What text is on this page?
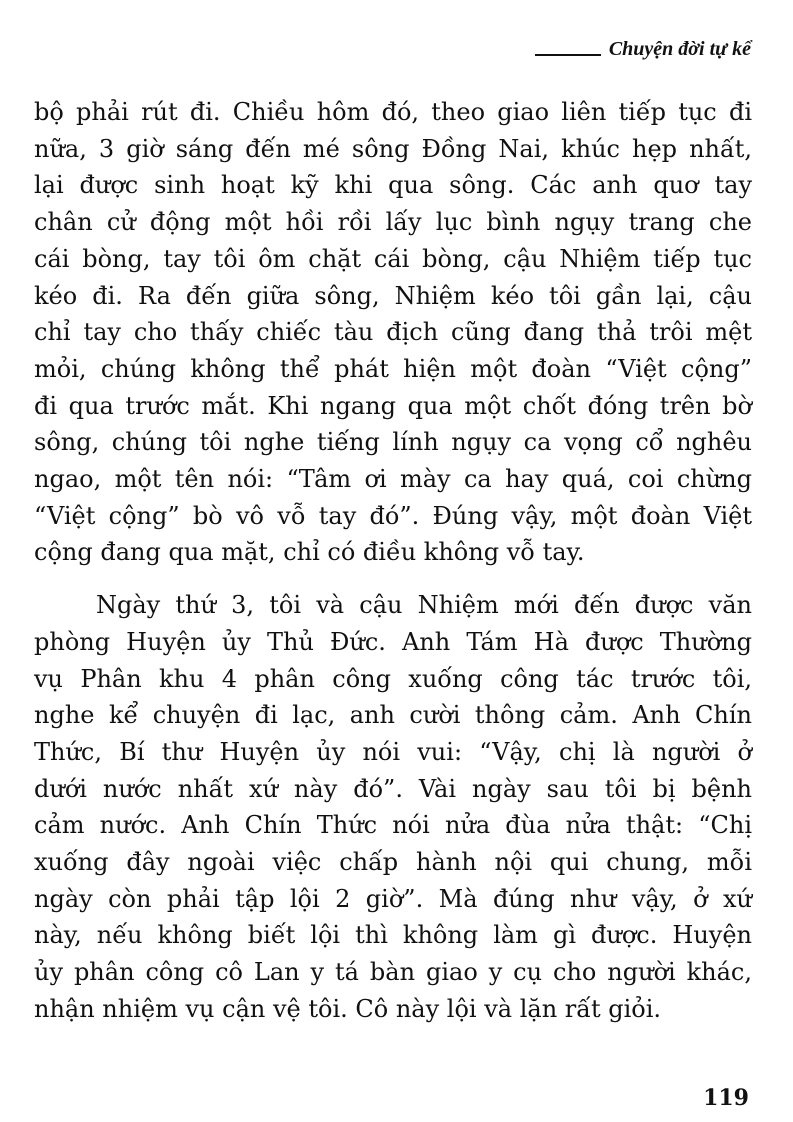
Chuyện đời tự kể

bộ phải rút đi. Chiều hôm đó, theo giao liên tiếp tục đi
nữa, 3 giờ sáng đến mé sông Đồng Nai, khúc hẹp nhất,
lại được sinh hoạt kỹ khi qua sông. Các anh quơ tay
chân cử động một hồi rồi lấy lục bình ngụy trang che
cái bòng, tay tôi ôm chặt cái bòng, cậu Nhiệm tiếp tục
kéo đi. Ra đến giữa sông, Nhiệm kéo tôi gần lại, cậu
chỉ tay cho thấy chiếc tàu địch cũng đang thả trôi mệt
mỏi, chúng không thể phát hiện một đoàn “Việt cộng”
đi qua trước mắt. Khi ngang qua một chốt đóng trên bờ
sông, chúng tôi nghe tiếng lính ngụy ca vọng cổ nghêu
ngao, một tên nói: “Tâm ơi mày ca hay quá, coi chừng
“Việt cộng” bò vô vỗ tay đó”. Đúng vậy, một đoàn Việt
cộng đang qua mặt, chỉ có điều không vỗ tay.

Ngày thứ 3, tôi và cậu Nhiệm mới đến được văn
phòng Huyện ủy Thủ Đức. Anh Tám Hà được Thường
vụ Phân khu 4 phân công xuống công tác trước tôi,
nghe kể chuyện đi lạc, anh cười thông cảm. Anh Chín
Thức, Bí thư Huyện ủy nói vui: “Vậy, chị là người ở
dưới nước nhất xứ này đó”. Vài ngày sau tôi bị bệnh
cảm nước. Anh Chín Thức nói nửa đùa nửa thật: “Chị
xuống đây ngoài việc chấp hành nội qui chung, mỗi
ngày còn phải tập lội 2 giờ”. Mà đúng như vậy, ở xứ
này, nếu không biết lội thì không làm gì được. Huyện
ủy phân công cô Lan y tá bàn giao y cụ cho người khác,
nhận nhiệm vụ cận vệ tôi. Cô này lội và lặn rất giỏi.

119
